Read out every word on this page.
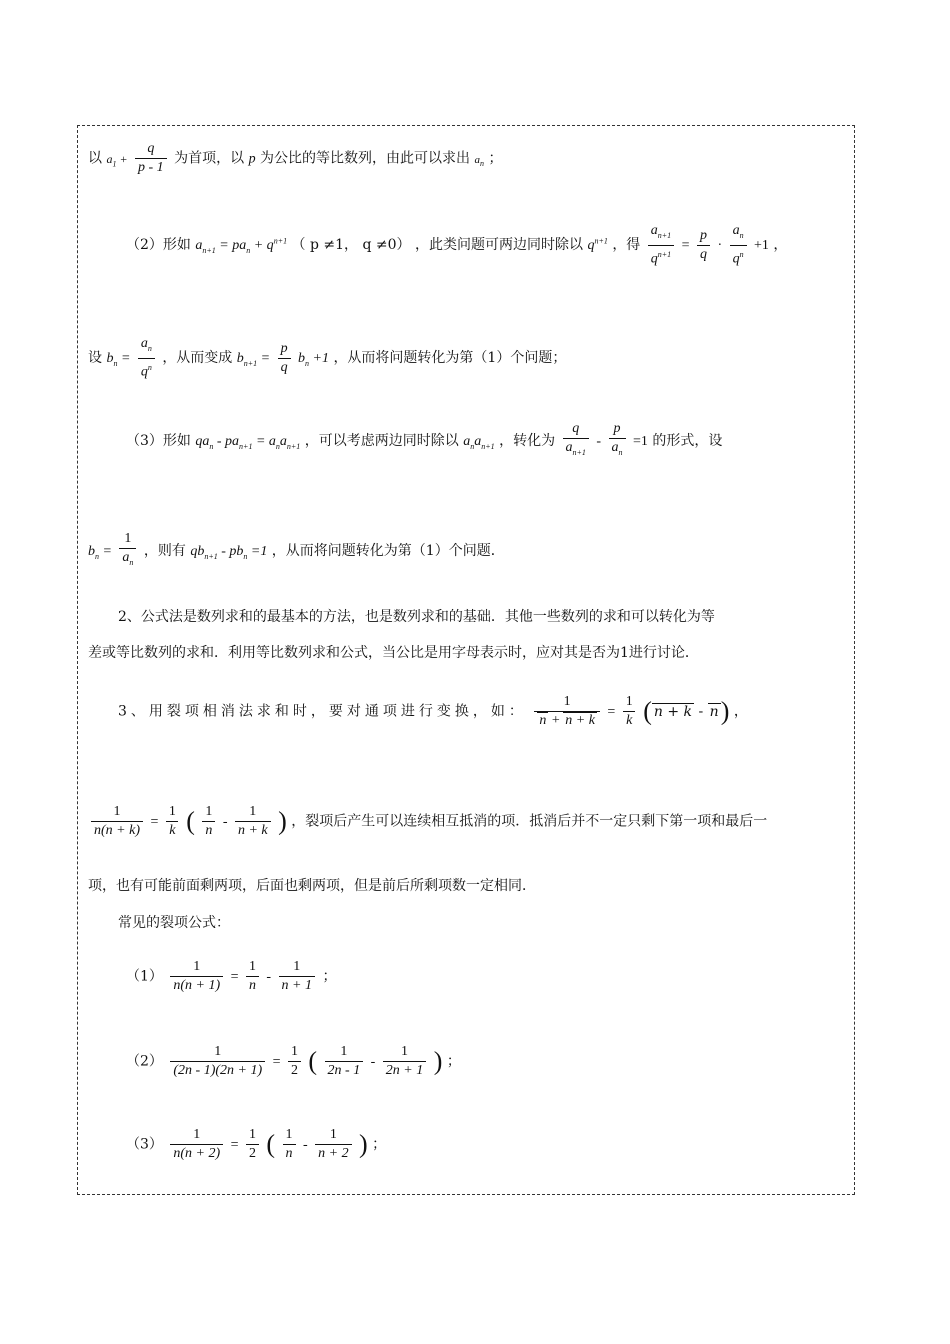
以 $a_1 + \frac{q}{p - 1}$ 为首项，以 p 为公比的等比数列，由此可以求出 $a_n$ ；
（2）形如 $a_{n+1} = pa_n + q^{n+1}$ （ p ≠1， q ≠0） ，此类问题可两边同时除以 $q^{n+1}$ ，得 $\frac{a_{n+1}}{q^{n+1}} = \frac{p}{q} \cdot \frac{a_n}{q^n} +1$ ，
设 $b_n = \frac{a_n}{q^n}$ ，从而变成 $b_{n+1} = \frac{p}{q} b_n +1$ ，从而将问题转化为第（1）个问题；
（3）形如 $qa_n - pa_{n+1} = a_na_{n+1}$ ，可以考虑两边同时除以 $a_na_{n+1}$ ，转化为 $\frac{q}{a_{n+1}} - \frac{p}{a_n} =1$ 的形式，设
$b_n = \frac{1}{a_n}$ ，则有 $qb_{n+1} - pb_n =1$ ，从而将问题转化为第（1）个问题．
2、公式法是数列求和的最基本的方法，也是数列求和的基础．其他一些数列的求和可以转化为等
差或等比数列的求和．利用等比数列求和公式，当公比是用字母表示时，应对其是否为1进行讨论．
3、用裂项相消法求和时，要对通项进行变换，如： $\frac{1}{n + n + k} = \frac{1}{k}$ ( n + k - n) ，
$\frac{1}{n(n + k)} = \frac{1}{k}$ ( $\frac{1}{n} - \frac{1}{n + k}$ ) ，裂项后产生可以连续相互抵消的项．抵消后并不一定只剩下第一项和最后一
项，也有可能前面剩两项，后面也剩两项，但是前后所剩项数一定相同．
常见的裂项公式：
$(1) \frac{1}{n(n + 1)} = \frac{1}{n} - \frac{1}{n + 1}$ ；
$(2) \frac{1}{(2n - 1)(2n + 1)} = \frac{1}{2}$ ( $\frac{1}{2n - 1} - \frac{1}{2n + 1}$ ) ；
$(3) \frac{1}{n(n + 2)} = \frac{1}{2}$ ( $\frac{1}{n} - \frac{1}{n + 2}$ ) ；
